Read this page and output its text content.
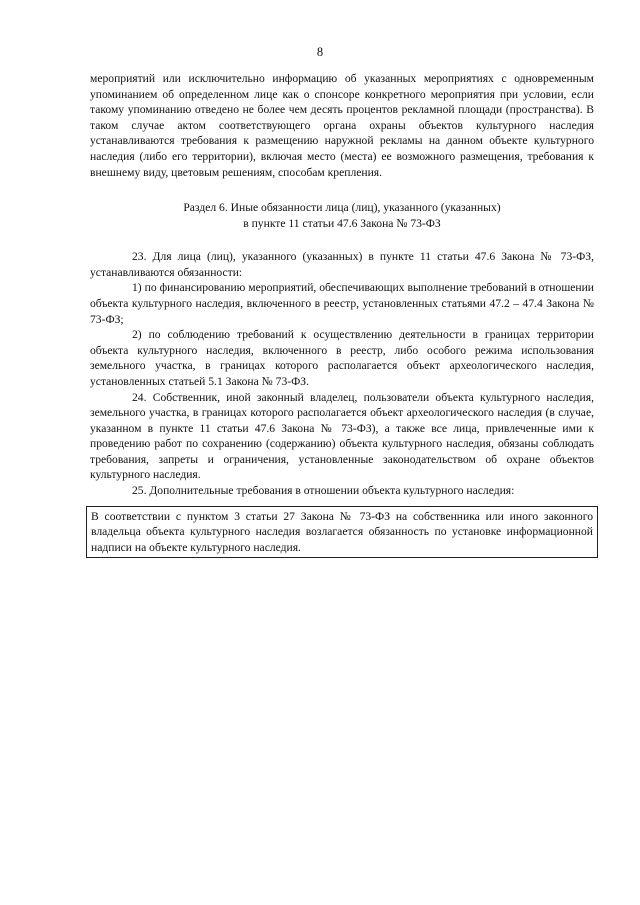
8

мероприятий или исключительно информацию об указанных мероприятиях с одновременным упоминанием об определенном лице как о спонсоре конкретного мероприятия при условии, если такому упоминанию отведено не более чем десять процентов рекламной площади (пространства). В таком случае актом соответствующего органа охраны объектов культурного наследия устанавливаются требования к размещению наружной рекламы на данном объекте культурного наследия (либо его территории), включая место (места) ее возможного размещения, требования к внешнему виду, цветовым решениям, способам крепления.

Раздел 6. Иные обязанности лица (лиц), указанного (указанных)
в пункте 11 статьи 47.6 Закона № 73-ФЗ

23. Для лица (лиц), указанного (указанных) в пункте 11 статьи 47.6 Закона № 73-ФЗ, устанавливаются обязанности:

1) по финансированию мероприятий, обеспечивающих выполнение требований в отношении объекта культурного наследия, включенного в реестр, установленных статьями 47.2 – 47.4 Закона № 73-ФЗ;

2) по соблюдению требований к осуществлению деятельности в границах территории объекта культурного наследия, включенного в реестр, либо особого режима использования земельного участка, в границах которого располагается объект археологического наследия, установленных статьей 5.1 Закона № 73-ФЗ.

24. Собственник, иной законный владелец, пользователи объекта культурного наследия, земельного участка, в границах которого располагается объект археологического наследия (в случае, указанном в пункте 11 статьи 47.6 Закона № 73-ФЗ), а также все лица, привлеченные ими к проведению работ по сохранению (содержанию) объекта культурного наследия, обязаны соблюдать требования, запреты и ограничения, установленные законодательством об охране объектов культурного наследия.

25. Дополнительные требования в отношении объекта культурного наследия:

В соответствии с пунктом 3 статьи 27 Закона № 73-ФЗ на собственника или иного законного владельца объекта культурного наследия возлагается обязанность по установке информационной надписи на объекте культурного наследия.
